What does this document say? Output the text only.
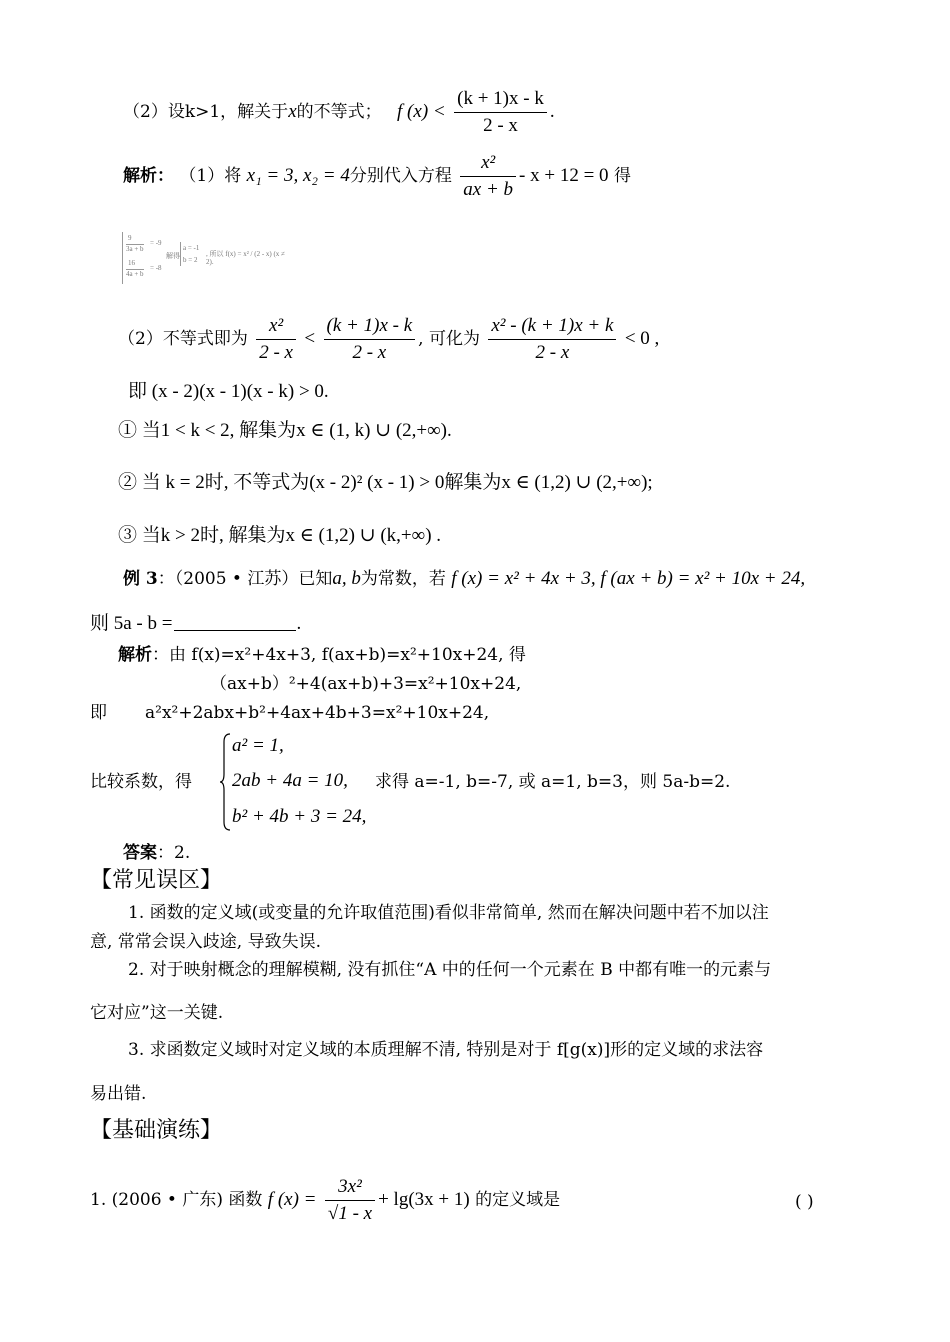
（2）设k>1，解关于x的不等式； f $(x) < \frac{(k + 1)x - k}{2 - x}$ .
解析： （1）将 x₁ = 3, x₂ = 4分别代入方程 $\frac{\text{x²}}{ax + b} - x + 12 = 0$ 得
9
3a + b
= -9
16
4a + b
= -8
解得
a = -1
b = 2
, 所以 f(x) = x² / (2 - x) (x ≠ 2).
（2）不等式即为 $\frac{\text{x²}}{2 - x} < \frac{(k + 1)x - k}{2 - x}$ , 可化为 $\frac{\text{x² - (k + 1)x + k}}{2 - x} < 0$ ,
即 (x - 2)(x - 1)(x - k) > 0.
① 当1 < k < 2, 解集为x ∈ (1, k) ∪ (2,+∞).
② 当 k = 2时, 不等式为(x - 2)² (x - 1) > 0解集为x ∈ (1,2) ∪ (2,+∞);
③ 当k > 2时, 解集为x ∈ (1,2) ∪ (k,+∞) .
例 3：（2005 • 江苏）已知a, b为常数，若 f (x) = x² + 4x + 3, f (ax + b) = x² + 10x + 24,
则 5a - b =	.
解析：由 f(x)=x²+4x+3, f(ax+b)=x²+10x+24, 得
（ax+b）²+4(ax+b)+3=x²+10x+24,
即 a²x²+2abx+b²+4ax+4b+3=x²+10x+24,
比较系数，得
a² = 1,
2ab + 4a = 10,
b² + 4b + 3 = 24,
求得 a=-1, b=-7, 或 a=1, b=3，则 5a-b=2.
答案：2.
【常见误区】
1. 函数的定义域(或变量的允许取值范围)看似非常简单, 然而在解决问题中若不加以注
意, 常常会误入歧途, 导致失误.
2. 对于映射概念的理解模糊, 没有抓住“A 中的任何一个元素在 B 中都有唯一的元素与
它对应”这一关键.
3. 求函数定义域时对定义域的本质理解不清, 特别是对于 f[g(x)]形的定义域的求法容
易出错.
【基础演练】
1. (2006 • 广东) 函数 f $(x) = \frac{\text{3x²}}{√1 - x} + \lg(3x + 1)$ 的定义域是	( )
